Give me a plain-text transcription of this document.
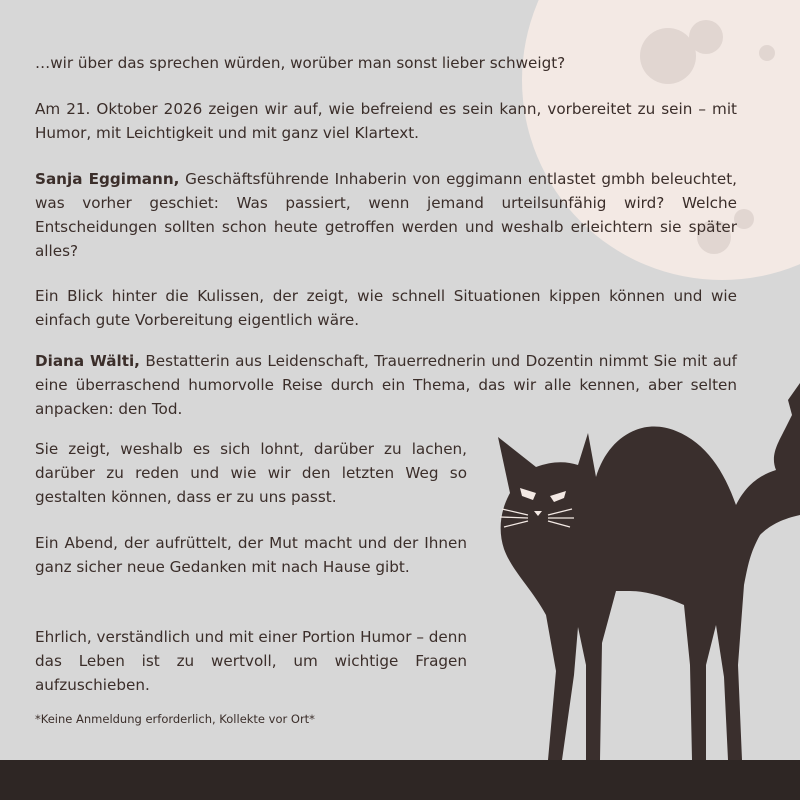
…wir über das sprechen würden, worüber man sonst lieber schweigt?

Am 21. Oktober 2026 zeigen wir auf, wie befreiend es sein kann, vorbereitet zu sein – mit Humor, mit Leichtigkeit und mit ganz viel Klartext.

Sanja Eggimann, Geschäftsführende Inhaberin von eggimann entlastet gmbh beleuchtet, was vorher geschiet: Was passiert, wenn jemand urteilsunfähig wird? Welche Entscheidungen sollten schon heute getroffen werden und weshalb erleichtern sie später alles?

Ein Blick hinter die Kulissen, der zeigt, wie schnell Situationen kippen können und wie einfach gute Vorbereitung eigentlich wäre.

Diana Wälti, Bestatterin aus Leidenschaft, Trauerrednerin und Dozentin nimmt Sie mit auf eine überraschend humorvolle Reise durch ein Thema, das wir alle kennen, aber selten anpacken: den Tod.

Sie zeigt, weshalb es sich lohnt, darüber zu lachen, darüber zu reden und wie wir den letzten Weg so gestalten können, dass er zu uns passt.

Ein Abend, der aufrüttelt, der Mut macht und der Ihnen ganz sicher neue Gedanken mit nach Hause gibt.

Ehrlich, verständlich und mit einer Portion Humor – denn das Leben ist zu wertvoll, um wichtige Fragen aufzuschieben.

*Keine Anmeldung erforderlich, Kollekte vor Ort*
